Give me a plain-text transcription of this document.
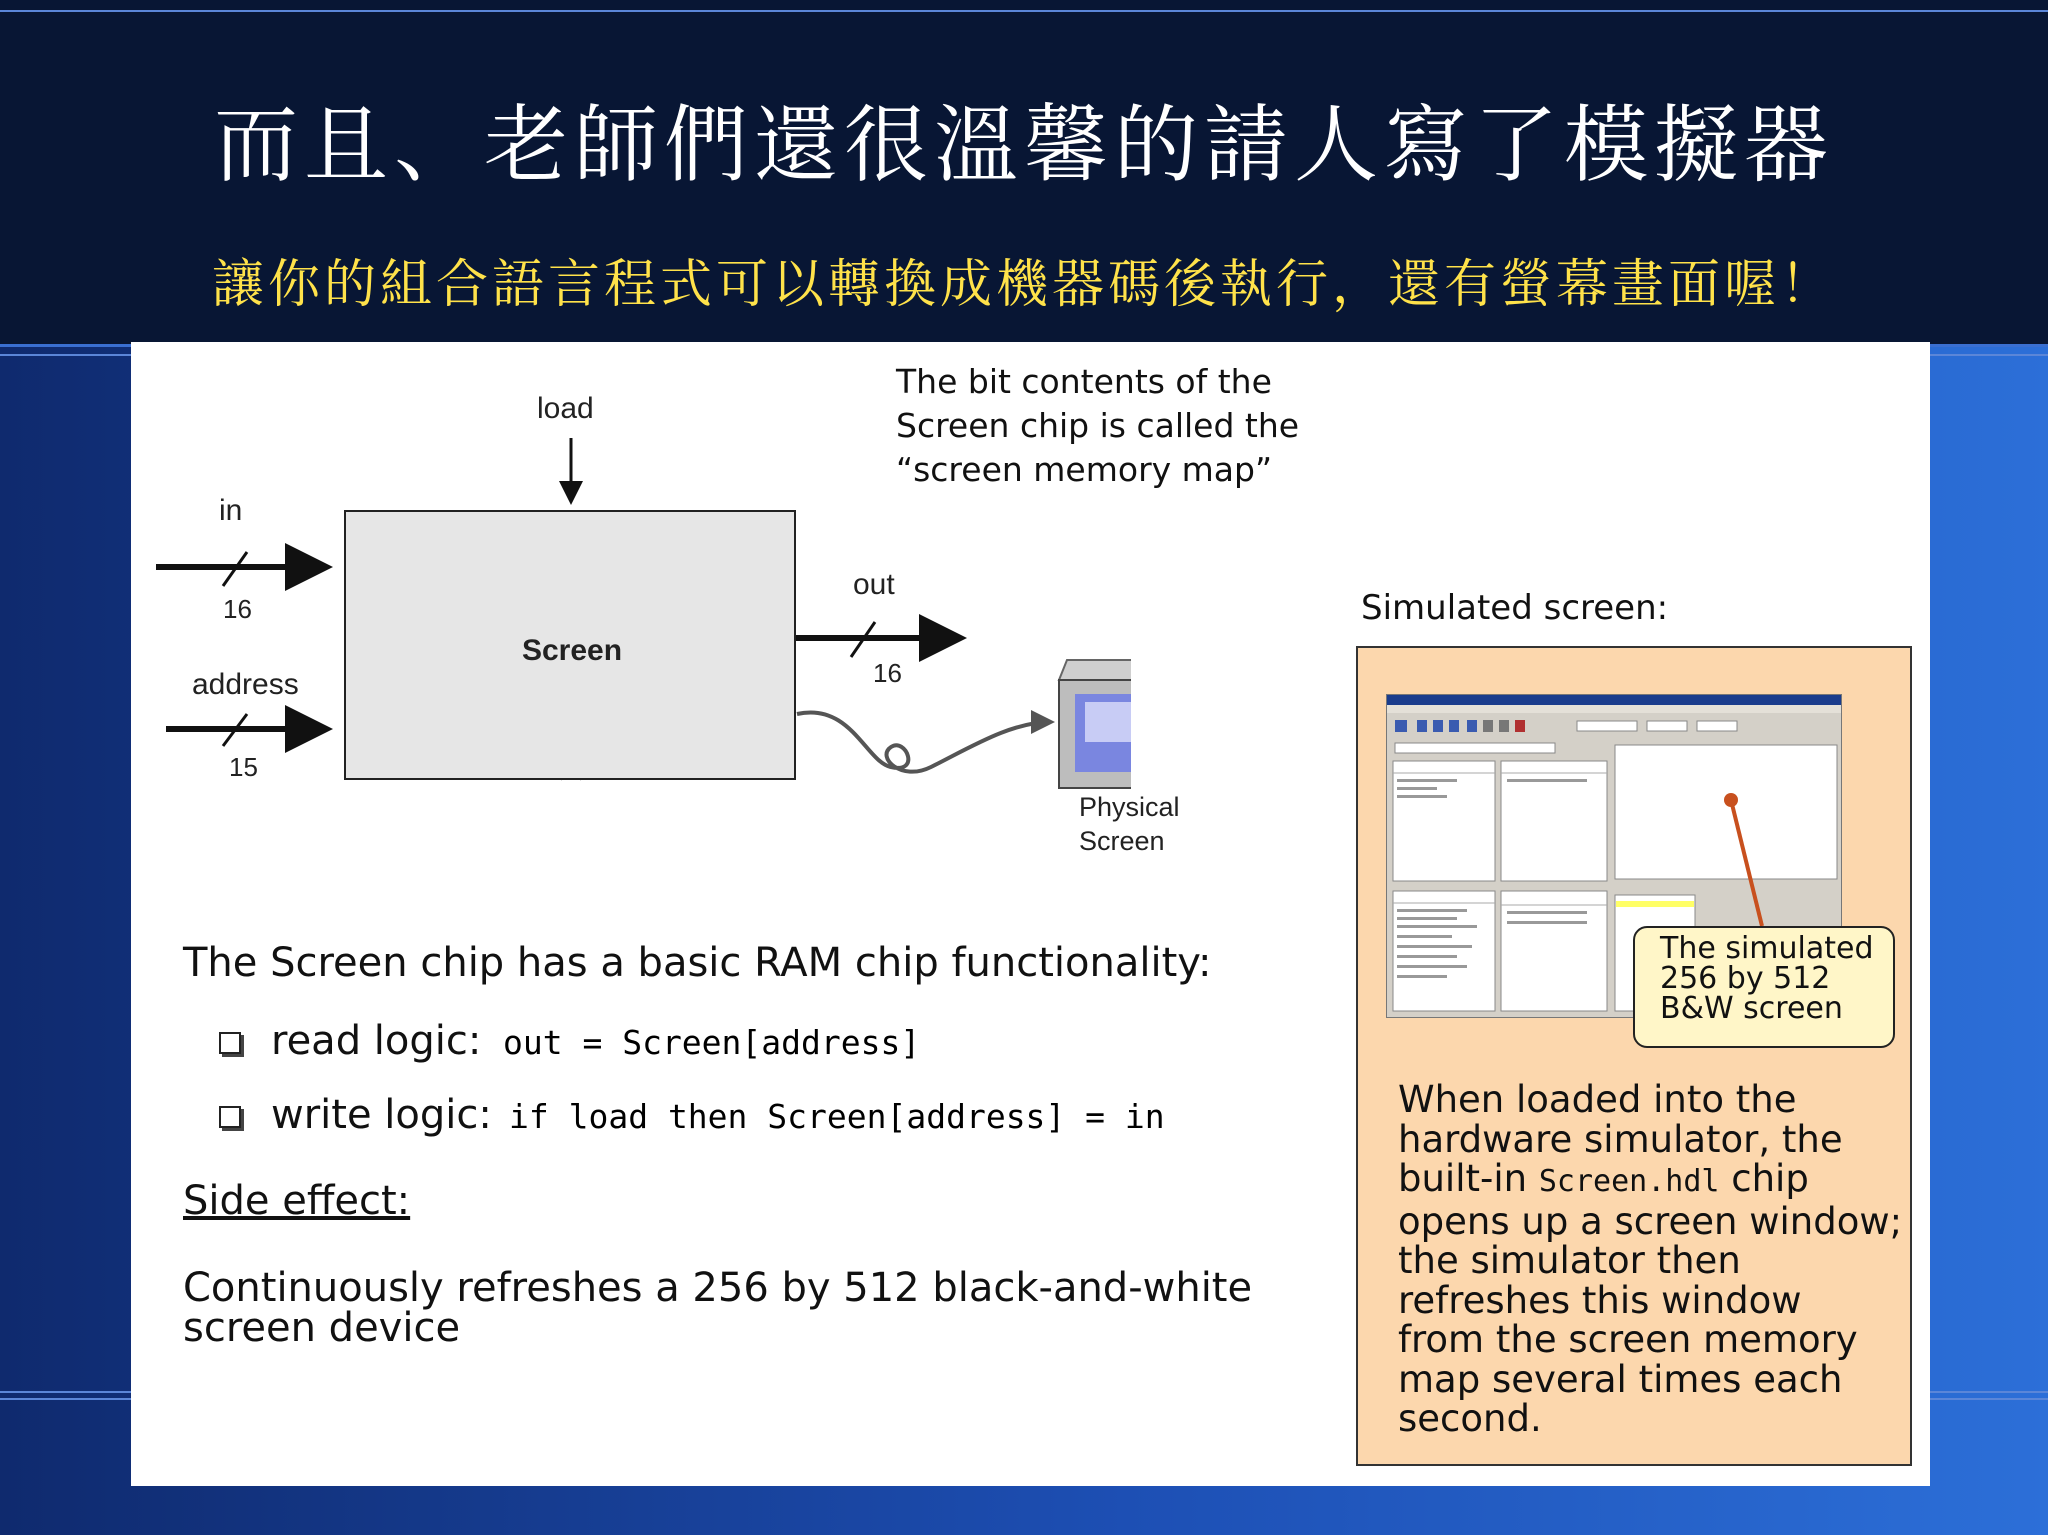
而且、老師們還很溫馨的請人寫了模擬器
讓你的組合語言程式可以轉換成機器碼後執行，還有螢幕畫面喔！
Screen
load
in
16
address
15
out
16
Physical
Screen
The bit contents of the
Screen chip is called the
“screen memory map”
The Screen chip has a basic RAM chip functionality:
read logic: out = Screen[address]
write logic: if load then Screen[address] = in
Side effect:
Continuously refreshes a 256 by 512 black-and-white
screen device
Simulated screen:
The simulated
256 by 512
B&W screen
When loaded into the
hardware simulator, the
built-in Screen.hdl chip
opens up a screen window;
the simulator then
refreshes this window
from the screen memory
map several times each
second.
